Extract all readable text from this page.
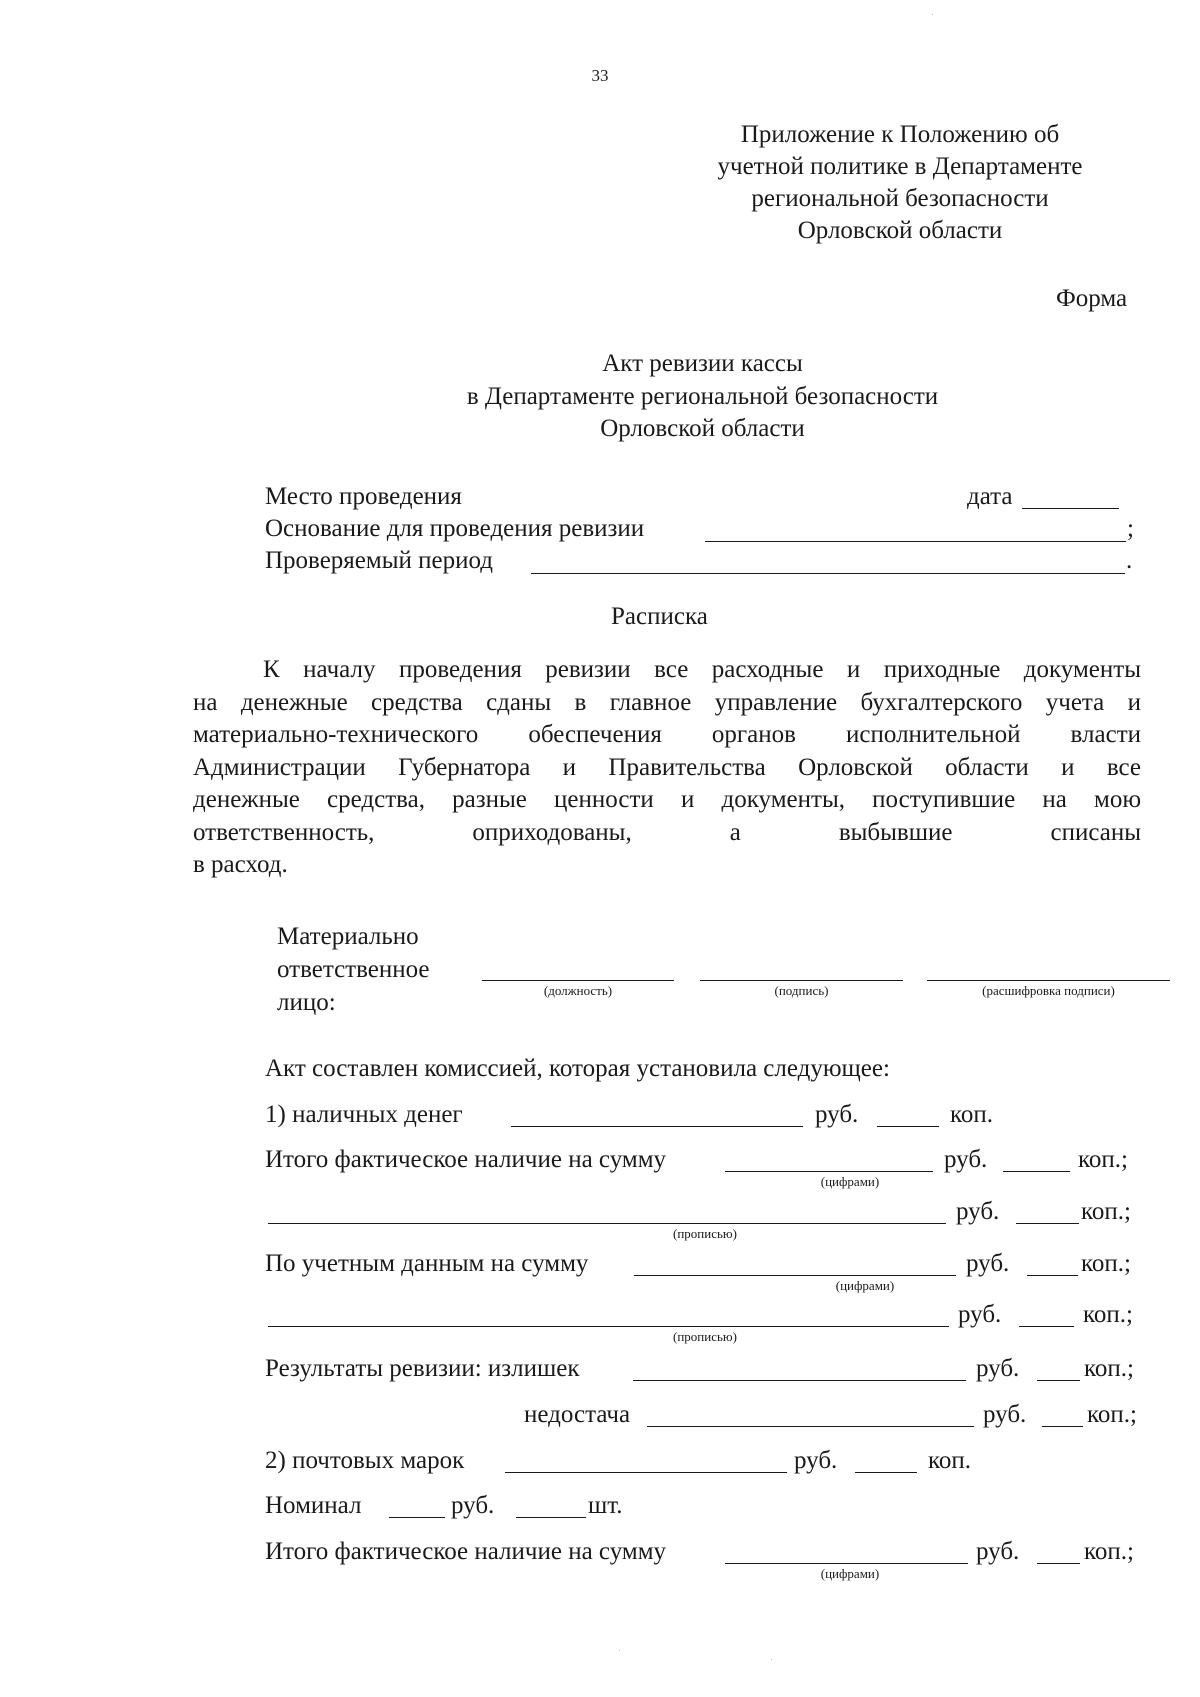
33
Приложение к Положению об
учетной политике в Департаменте
региональной безопасности
Орловской области
Форма
Акт ревизии кассы
в Департаменте региональной безопасности
Орловской области
Место проведения	дата
Основание для проведения ревизии	;
Проверяемый период	.
Расписка
К началу проведения ревизии все расходные и приходные документы
на денежные средства сданы в главное управление бухгалтерского учета и
материально-технического обеспечения органов исполнительной власти
Администрации Губернатора и Правительства Орловской области и все
денежные средства, разные ценности и документы, поступившие на мою
ответственность, оприходованы, а выбывшие списаны
в расход.
Материально
ответственное
лицо:	(должность)	(подпись)	(расшифровка подписи)
Акт составлен комиссией, которая установила следующее:
1) наличных денег	руб.	коп.
Итого фактическое наличие на сумму	руб.	коп.;
(цифрами)
руб.	коп.;
(прописью)
По учетным данным на сумму	руб.	коп.;
(цифрами)
руб.	коп.;
(прописью)
Результаты ревизии: излишек	руб.	коп.;
недостача	руб. коп.;
2) почтовых марок	руб.	коп.
Номинал	руб.	шт.
Итого фактическое наличие на сумму	руб.	коп.;
(цифрами)
